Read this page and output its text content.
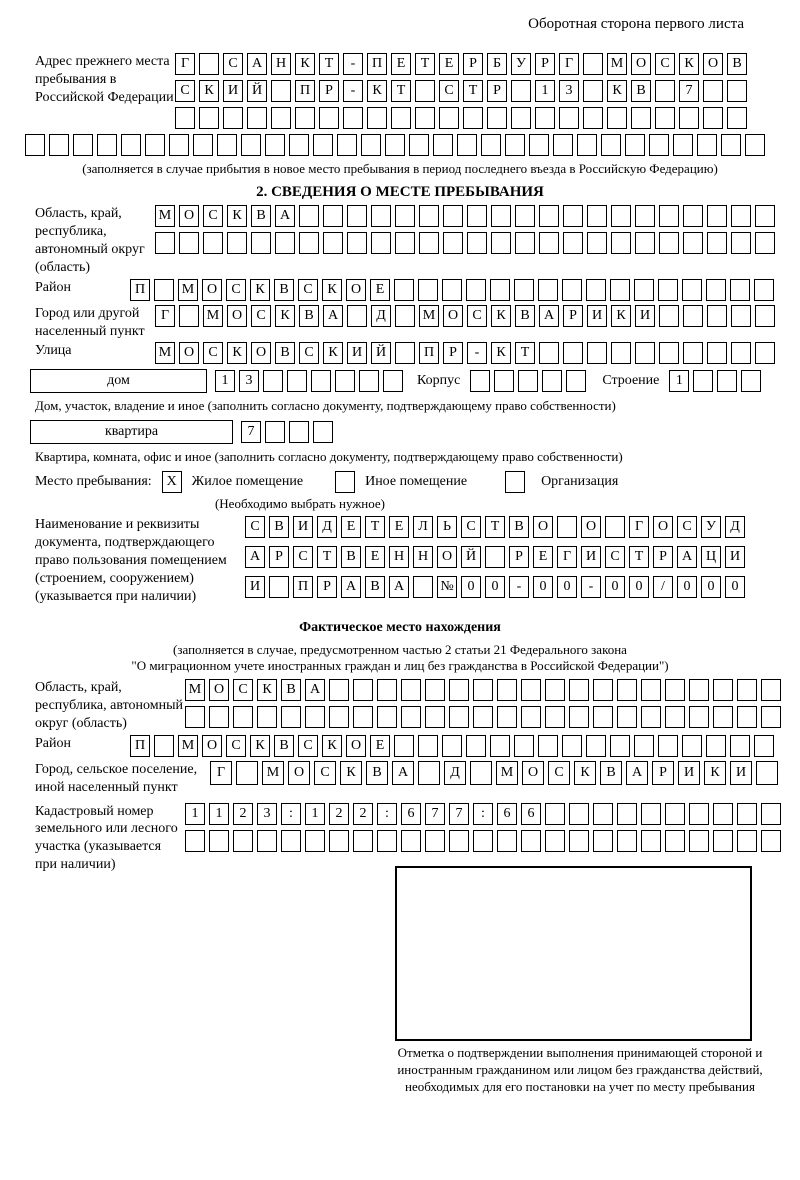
Оборотная сторона первого листа
Адрес прежнего места пребывания в Российской Федерации
Г	С	А Н	К	Т	-	П	Е	Т	Е	Р	Б	У	Р	Г	М О	С	К	О	В
С	К	И Й	П	Р	-	К	Т	С	Т	Р	1	3	К	В	7
(заполняется в случае прибытия в новое место пребывания в период последнего въезда в Российскую Федерацию)
2. СВЕДЕНИЯ О МЕСТЕ ПРЕБЫВАНИЯ
Область, край, республика, автономный округ (область)
М О	С	К	В	А
Район	П	М О	С	К	В	С	К	О	Е
Город или другой населенный пункт
Г	М О	С	К	В	А	Д	М О	С	К	В	А	Р	И	К	И
Улица	М О	С	К	О	В	С	К	И Й	П	Р	-	К	Т
дом	1	3	Корпус	Строение	1
Дом, участок, владение и иное (заполнить согласно документу, подтверждающему право собственности)
квартира	7
Квартира, комната, офис и иное (заполнить согласно документу, подтверждающему право собственности)
Место пребывания:	X	Жилое помещение	Иное помещение	Организация
(Необходимо выбрать нужное)
Наименование и реквизиты документа, подтверждающего право пользования помещением (строением, сооружением) (указывается при наличии)
С	В	И	Д	Е	Т	Е	Л	Ь	С	Т	В	О	О	Г	О	С	У	Д
А	Р	С	Т	В	Е	Н Н О Й	Р	Е	Г	И	С	Т	Р	А Ц И
И	П	Р	А	В	А	№ 0	0	-	0	0	-	0	0	/	0	0	0
Фактическое место нахождения
(заполняется в случае, предусмотренном частью 2 статьи 21 Федерального закона
"О миграционном учете иностранных граждан и лиц без гражданства в Российской Федерации")
Область, край, республика, автономный округ (область)
М О	С	К	В	А
Район	П	М О	С	К	В	С	К	О	Е
Город, сельское поселение, иной населенный пункт
Г	М	О	С	К	В	А	Д	М	О	С	К	В	А	Р	И	К	И
Кадастровый номер земельного или лесного участка (указывается при наличии)
1	1	2	3	:	1	2	2	:	6	7	7	:	6	6
Отметка о подтверждении выполнения принимающей стороной и иностранным гражданином или лицом без гражданства действий, необходимых для его постановки на учет по месту пребывания
